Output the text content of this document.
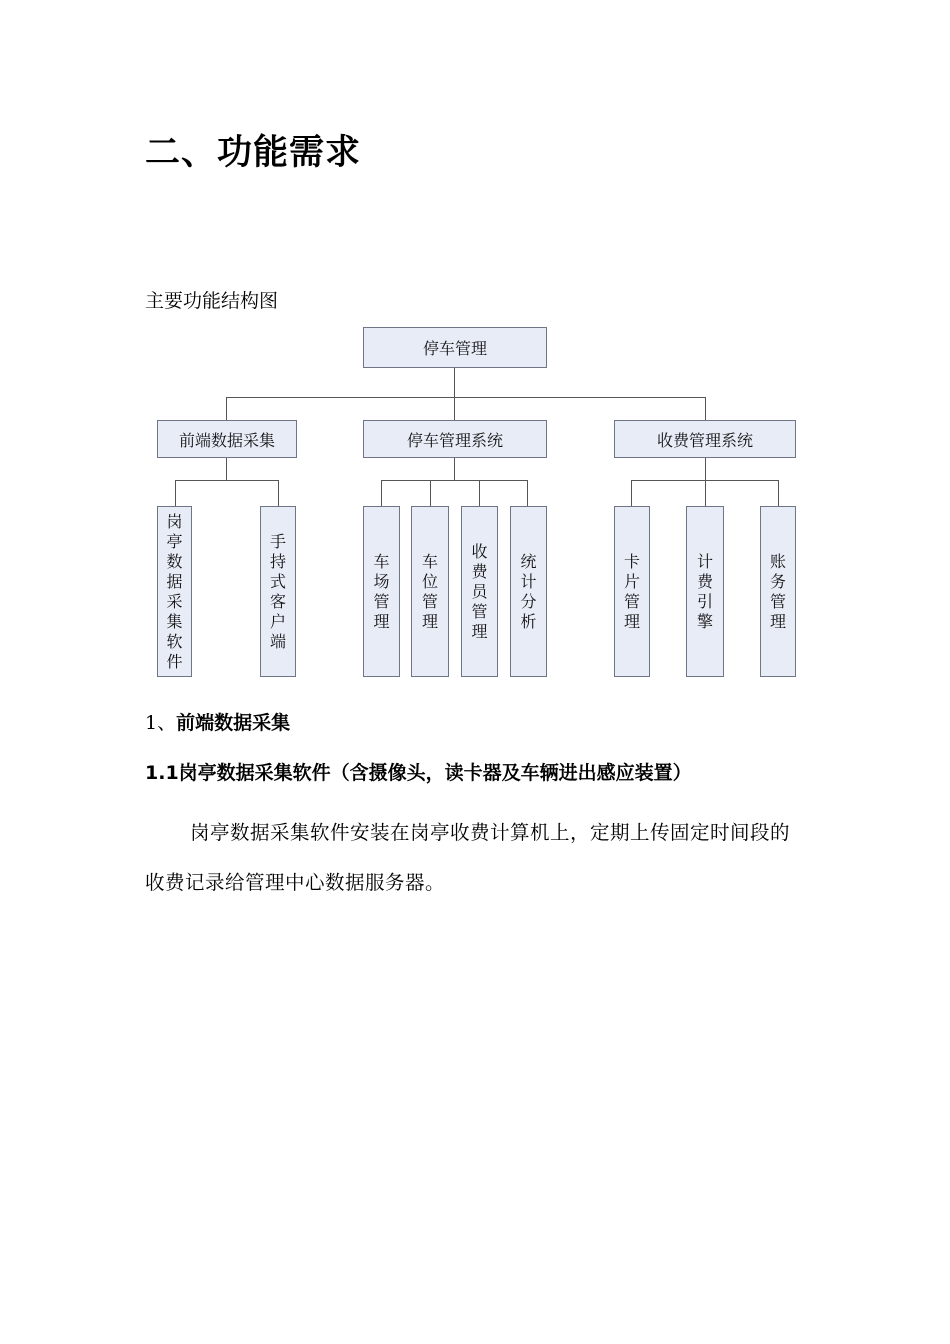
二、功能需求
主要功能结构图
停车管理
前端数据采集	停车管理系统	收费管理系统
岗亭数据采集软件
手持式客户端
车场管理
车位管理
收费员管理
统计分析
卡片管理
计费引擎
账务管理
1、前端数据采集
1.1岗亭数据采集软件（含摄像头，读卡器及车辆进出感应装置）
岗亭数据采集软件安装在岗亭收费计算机上，定期上传固定时间段的收费记录给管理中心数据服务器。
